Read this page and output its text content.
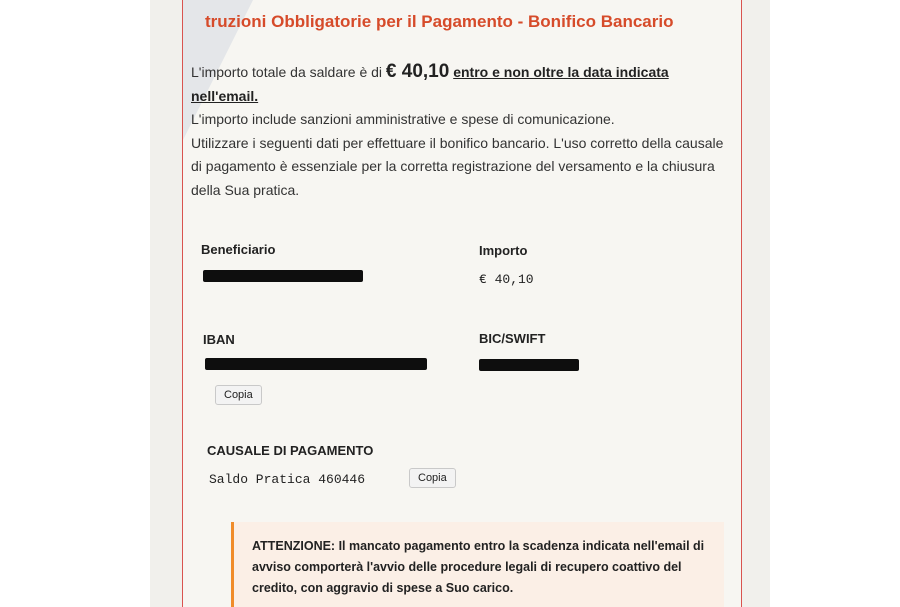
truzioni Obbligatorie per il Pagamento - Bonifico Bancario
L'importo totale da saldare è di € 40,10 entro e non oltre la data indicata nell'email.
L'importo include sanzioni amministrative e spese di comunicazione.
Utilizzare i seguenti dati per effettuare il bonifico bancario. L'uso corretto della causale di pagamento è essenziale per la corretta registrazione del versamento e la chiusura della Sua pratica.
Beneficiario	Importo
€ 40,10
IBAN
Copia
BIC/SWIFT
CAUSALE DI PAGAMENTO
Saldo Pratica 460446	Copia
ATTENZIONE: Il mancato pagamento entro la scadenza indicata nell'email di avviso comporterà l'avvio delle procedure legali di recupero coattivo del credito, con aggravio di spese a Suo carico.
